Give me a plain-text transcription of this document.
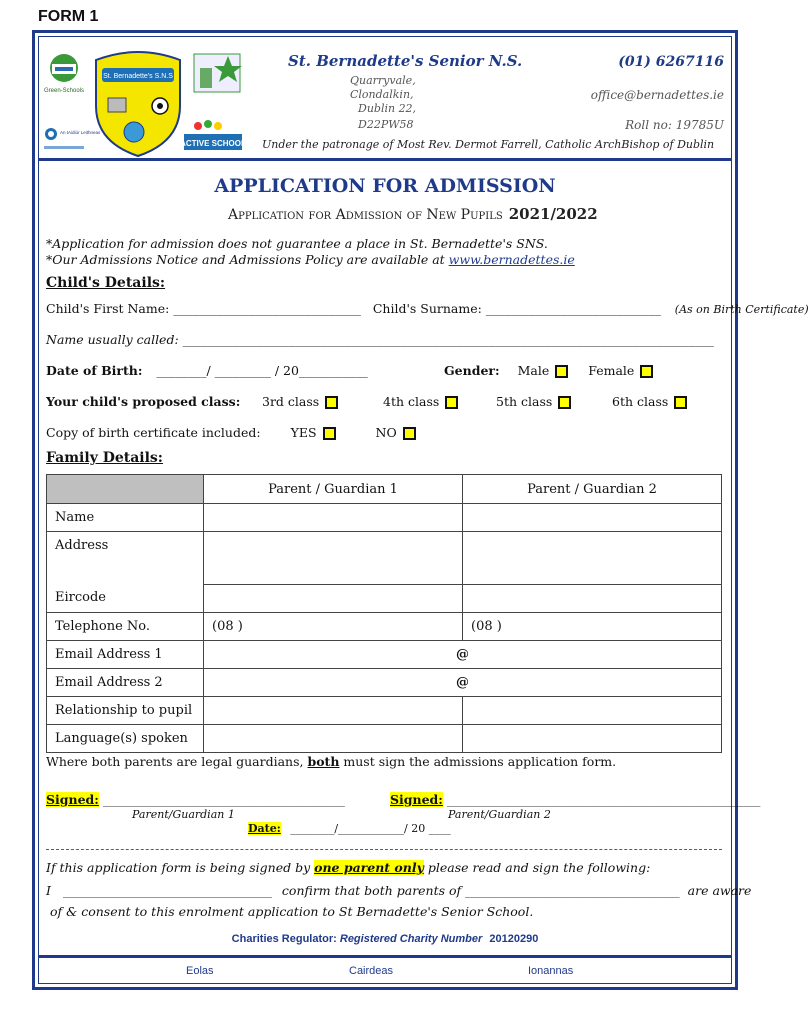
FORM 1
Green-Schools
An tAidiúr Leithneas
St. Bernadette's S.N.S
ACTIVE SCHOOL
St. Bernadette's Senior N.S.
Quarryvale,
Clondalkin,
Dublin 22,
D22PW58
(01) 6267116
office@bernadettes.ie
Roll no: 19785U
Under the patronage of Most Rev. Dermot Farrell, Catholic ArchBishop of Dublin
APPLICATION FOR ADMISSION
Application for Admission of New Pupils 2021/2022
*Application for admission does not guarantee a place in St. Bernadette's SNS.
*Our Admissions Notice and Admissions Policy are available at www.bernadettes.ie
Child's Details:
Child's First Name: ______________________________ Child's Surname: ____________________________ (As on Birth Certificate)
Name usually called: _____________________________________________________________________________________
Date of Birth: ________/ _________ / 20___________	Gender: Male	Female
Your child's proposed class: 3rd class	4th class	5th class	6th class
Copy of birth certificate included: YES	NO
Family Details:
	Parent / Guardian 1	Parent / Guardian 2
Name		
Address		
Eircode		
Telephone No.	(08 )	(08 )
Email Address 1	@	
Email Address 2	@	
Relationship to pupil		
Language(s) spoken		
Where both parents are legal guardians, both must sign the admissions application form.
Signed: ____________________________________________	Signed: _________________________________________________________
Parent/Guardian 1	Parent/Guardian 2
Date: ________/____________/ 20 ____
If this application form is being signed by one parent only please read and sign the following:
I ______________________________________ confirm that both parents of _______________________________________ are aware
of & consent to this enrolment application to St Bernadette's Senior School.
Charities Regulator: Registered Charity Number 20120290
Eolas	Cairdeas	Ionannas
